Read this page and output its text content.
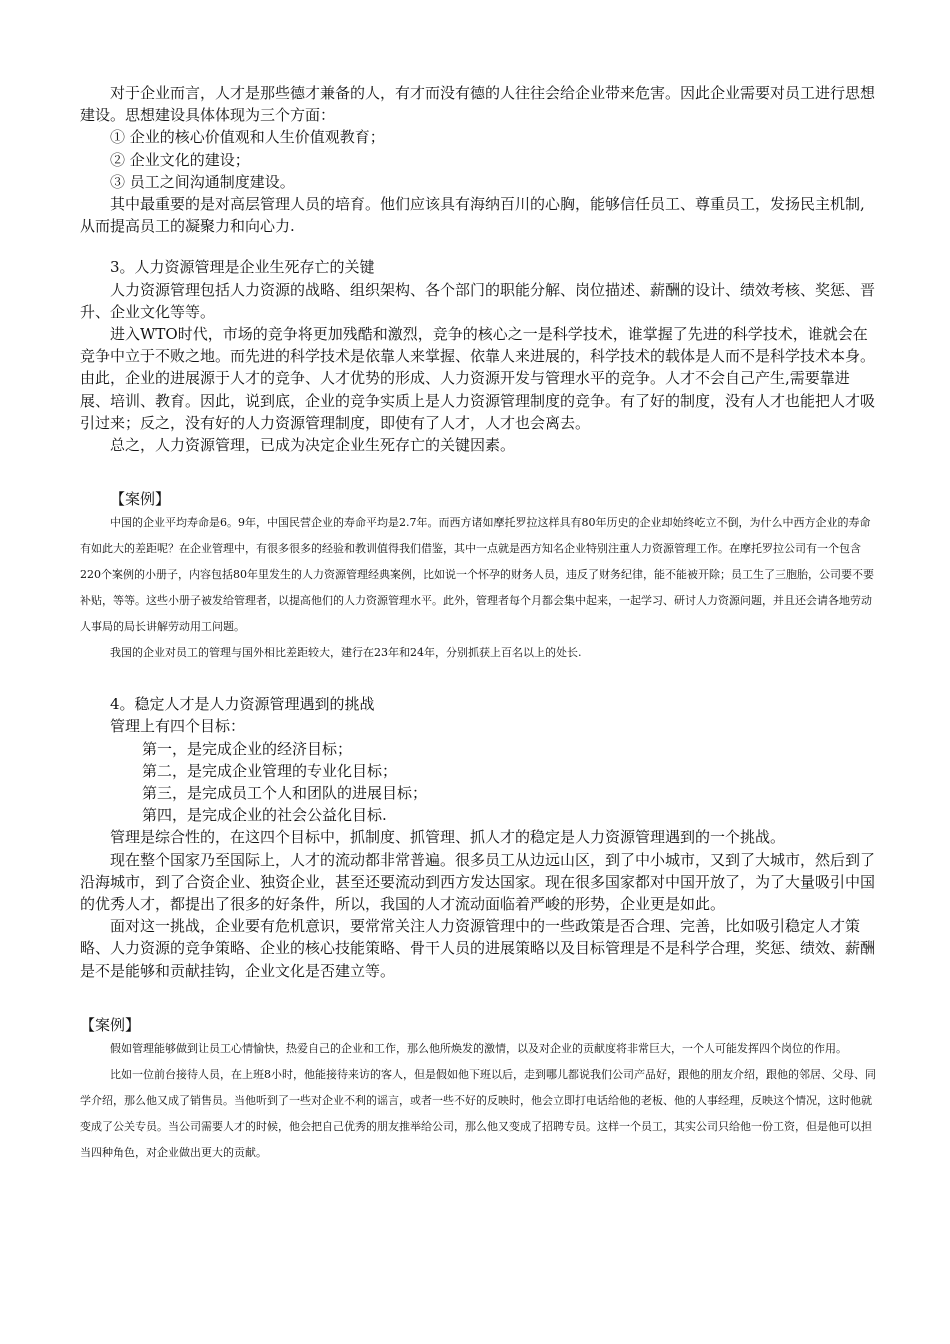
对于企业而言，人才是那些德才兼备的人，有才而没有德的人往往会给企业带来危害。因此企业需要对员工进行思想建设。思想建设具体体现为三个方面：

① 企业的核心价值观和人生价值观教育；
② 企业文化的建设；
③ 员工之间沟通制度建设。

其中最重要的是对高层管理人员的培育。他们应该具有海纳百川的心胸，能够信任员工、尊重员工，发扬民主机制,从而提高员工的凝聚力和向心力.

3。人力资源管理是企业生死存亡的关键

人力资源管理包括人力资源的战略、组织架构、各个部门的职能分解、岗位描述、薪酬的设计、绩效考核、奖惩、晋升、企业文化等等。

进入WTO时代，市场的竞争将更加残酷和激烈，竞争的核心之一是科学技术，谁掌握了先进的科学技术，谁就会在竞争中立于不败之地。而先进的科学技术是依靠人来掌握、依靠人来进展的，科学技术的载体是人而不是科学技术本身。由此，企业的进展源于人才的竞争、人才优势的形成、人力资源开发与管理水平的竞争。人才不会自己产生,需要靠进展、培训、教育。因此，说到底，企业的竞争实质上是人力资源管理制度的竞争。有了好的制度，没有人才也能把人才吸引过来；反之，没有好的人力资源管理制度，即使有了人才，人才也会离去。

总之，人力资源管理，已成为决定企业生死存亡的关键因素。

【案例】

中国的企业平均寿命是6。9年，中国民营企业的寿命平均是2.7年。而西方诸如摩托罗拉这样具有80年历史的企业却始终屹立不倒，为什么中西方企业的寿命有如此大的差距呢？在企业管理中，有很多很多的经验和教训值得我们借鉴，其中一点就是西方知名企业特别注重人力资源管理工作。在摩托罗拉公司有一个包含220个案例的小册子，内容包括80年里发生的人力资源管理经典案例，比如说一个怀孕的财务人员，违反了财务纪律，能不能被开除；员工生了三胞胎，公司要不要补贴，等等。这些小册子被发给管理者，以提高他们的人力资源管理水平。此外，管理者每个月都会集中起来，一起学习、研讨人力资源问题，并且还会请各地劳动人事局的局长讲解劳动用工问题。

我国的企业对员工的管理与国外相比差距较大，建行在23年和24年，分别抓获上百名以上的处长.

4。稳定人才是人力资源管理遇到的挑战
管理上有四个目标：
第一，是完成企业的经济目标；
第二，是完成企业管理的专业化目标；
第三，是完成员工个人和团队的进展目标；
第四，是完成企业的社会公益化目标.

管理是综合性的，在这四个目标中，抓制度、抓管理、抓人才的稳定是人力资源管理遇到的一个挑战。

现在整个国家乃至国际上，人才的流动都非常普遍。很多员工从边远山区，到了中小城市，又到了大城市，然后到了沿海城市，到了合资企业、独资企业，甚至还要流动到西方发达国家。现在很多国家都对中国开放了，为了大量吸引中国的优秀人才，都提出了很多的好条件，所以，我国的人才流动面临着严峻的形势，企业更是如此。

面对这一挑战，企业要有危机意识，要常常关注人力资源管理中的一些政策是否合理、完善，比如吸引稳定人才策略、人力资源的竞争策略、企业的核心技能策略、骨干人员的进展策略以及目标管理是不是科学合理，奖惩、绩效、薪酬是不是能够和贡献挂钩，企业文化是否建立等。

【案例】

假如管理能够做到让员工心情愉快，热爱自己的企业和工作，那么他所焕发的激情，以及对企业的贡献度将非常巨大，一个人可能发挥四个岗位的作用。

比如一位前台接待人员，在上班8小时，他能接待来访的客人，但是假如他下班以后，走到哪儿都说我们公司产品好，跟他的朋友介绍，跟他的邻居、父母、同学介绍，那么他又成了销售员。当他听到了一些对企业不利的谣言，或者一些不好的反映时，他会立即打电话给他的老板、他的人事经理，反映这个情况，这时他就变成了公关专员。当公司需要人才的时候，他会把自己优秀的朋友推举给公司，那么他又变成了招聘专员。这样一个员工，其实公司只给他一份工资，但是他可以担当四种角色，对企业做出更大的贡献。
